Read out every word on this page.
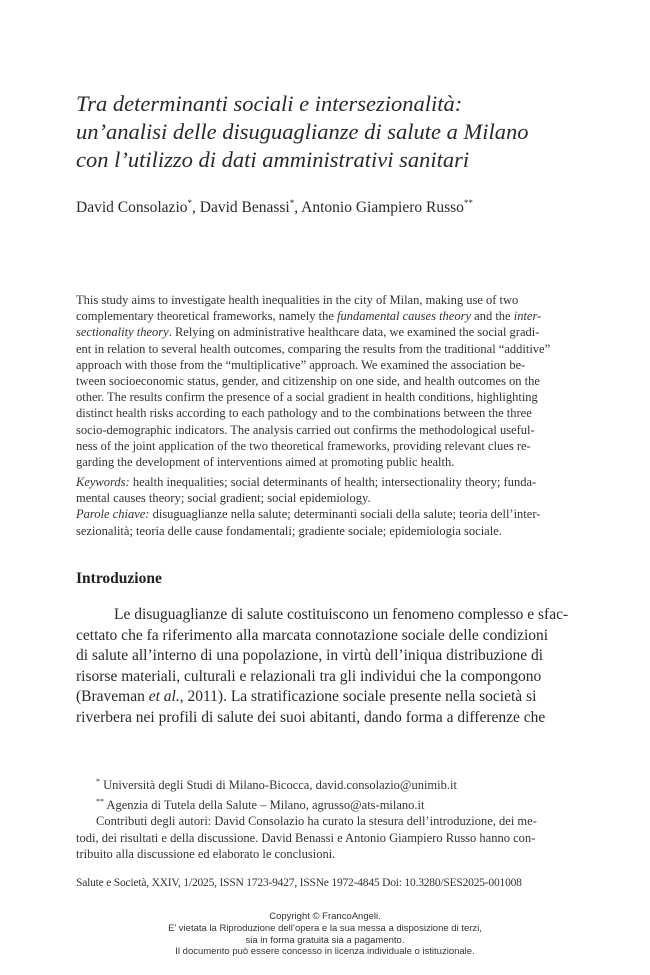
Tra determinanti sociali e intersezionalità:
un’analisi delle disuguaglianze di salute a Milano
con l’utilizzo di dati amministrativi sanitari
David Consolazio*, David Benassi*, Antonio Giampiero Russo**

This study aims to investigate health inequalities in the city of Milan, making use of two
complementary theoretical frameworks, namely the fundamental causes theory and the inter-
sectionality theory. Relying on administrative healthcare data, we examined the social gradi-
ent in relation to several health outcomes, comparing the results from the traditional “additive”
approach with those from the “multiplicative” approach. We examined the association be-
tween socioeconomic status, gender, and citizenship on one side, and health outcomes on the
other. The results confirm the presence of a social gradient in health conditions, highlighting
distinct health risks according to each pathology and to the combinations between the three
socio-demographic indicators. The analysis carried out confirms the methodological useful-
ness of the joint application of the two theoretical frameworks, providing relevant clues re-
garding the development of interventions aimed at promoting public health.

Keywords: health inequalities; social determinants of health; intersectionality theory; funda-
mental causes theory; social gradient; social epidemiology.
Parole chiave: disuguaglianze nella salute; determinanti sociali della salute; teoria dell’inter-
sezionalità; teoria delle cause fondamentali; gradiente sociale; epidemiologia sociale.
Introduzione

Le disuguaglianze di salute costituiscono un fenomeno complesso e sfac-
cettato che fa riferimento alla marcata connotazione sociale delle condizioni
di salute all’interno di una popolazione, in virtù dell’iniqua distribuzione di
risorse materiali, culturali e relazionali tra gli individui che la compongono
(Braveman et al., 2011). La stratificazione sociale presente nella società si
riverbera nei profili di salute dei suoi abitanti, dando forma a differenze che

* Università degli Studi di Milano-Bicocca, david.consolazio@unimib.it
** Agenzia di Tutela della Salute – Milano, agrusso@ats-milano.it
Contributi degli autori: David Consolazio ha curato la stesura dell’introduzione, dei me-
todi, dei risultati e della discussione. David Benassi e Antonio Giampiero Russo hanno con-
tribuito alla discussione ed elaborato le conclusioni.
Salute e Società, XXIV, 1/2025, ISSN 1723-9427, ISSNe 1972-4845 Doi: 10.3280/SES2025-001008
Copyright © FrancoAngeli.
E’ vietata la Riproduzione dell’opera e la sua messa a disposizione di terzi,
sia in forma gratuita sia a pagamento.
Il documento può essere concesso in licenza individuale o istituzionale.
